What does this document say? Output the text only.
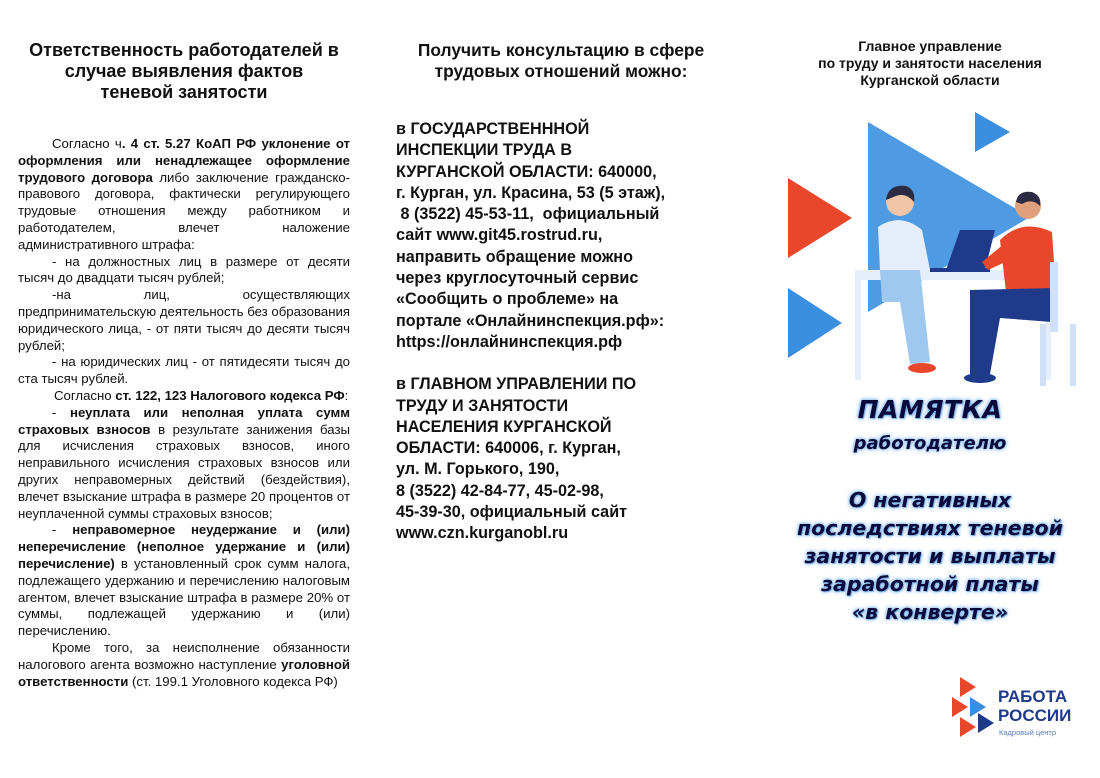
Ответственность работодателей в случае выявления фактов теневой занятости

Согласно ч. 4 ст. 5.27 КоАП РФ уклонение от оформления или ненадлежащее оформление трудового договора либо заключение гражданско-правового договора, фактически регулирующего трудовые отношения между работником и работодателем, влечет наложение административного штрафа:

- на должностных лиц в размере от десяти тысяч до двадцати тысяч рублей;

-на лиц, осуществляющих предпринимательскую деятельность без образования юридического лица, - от пяти тысяч до десяти тысяч рублей;

- на юридических лиц - от пятидесяти тысяч до ста тысяч рублей.

Согласно ст. 122, 123 Налогового кодекса РФ:

- неуплата или неполная уплата сумм страховых взносов в результате занижения базы для исчисления страховых взносов, иного неправильного исчисления страховых взносов или других неправомерных действий (бездействия), влечет взыскание штрафа в размере 20 процентов от неуплаченной суммы страховых взносов;

- неправомерное неудержание и (или) неперечисление (неполное удержание и (или) перечисление) в установленный срок сумм налога, подлежащего удержанию и перечислению налоговым агентом, влечет взыскание штрафа в размере 20% от суммы, подлежащей удержанию и (или) перечислению.

Кроме того, за неисполнение обязанности налогового агента возможно наступление уголовной ответственности (ст. 199.1 Уголовного кодекса РФ)

Получить консультацию в сфере трудовых отношений можно:
в ГОСУДАРСТВЕНННОЙ
ИНСПЕКЦИИ ТРУДА В
КУРГАНСКОЙ ОБЛАСТИ: 640000,
г. Курган, ул. Красина, 53 (5 этаж),
8 (3522) 45-53-11,  официальный
сайт www.git45.rostrud.ru,
направить обращение можно
через круглосуточный сервис
«Сообщить о проблеме» на
портале «Онлайнинспекция.рф»:
https://онлайнинспекция.рф
в ГЛАВНОМ УПРАВЛЕНИИ ПО
ТРУДУ И ЗАНЯТОСТИ
НАСЕЛЕНИЯ КУРГАНСКОЙ
ОБЛАСТИ: 640006, г. Курган,
ул. М. Горького, 190,
8 (3522) 42-84-77, 45-02-98,
45-39-30, официальный сайт
www.czn.kurganobl.ru
Главное управление
по труду и занятости населения
Курганской области
ПАМЯТКА
работодателю
О негативных
последствиях теневой
занятости и выплаты
заработной платы
«в конверте»
РАБОТА
РОССИИ
Кадровый центр
